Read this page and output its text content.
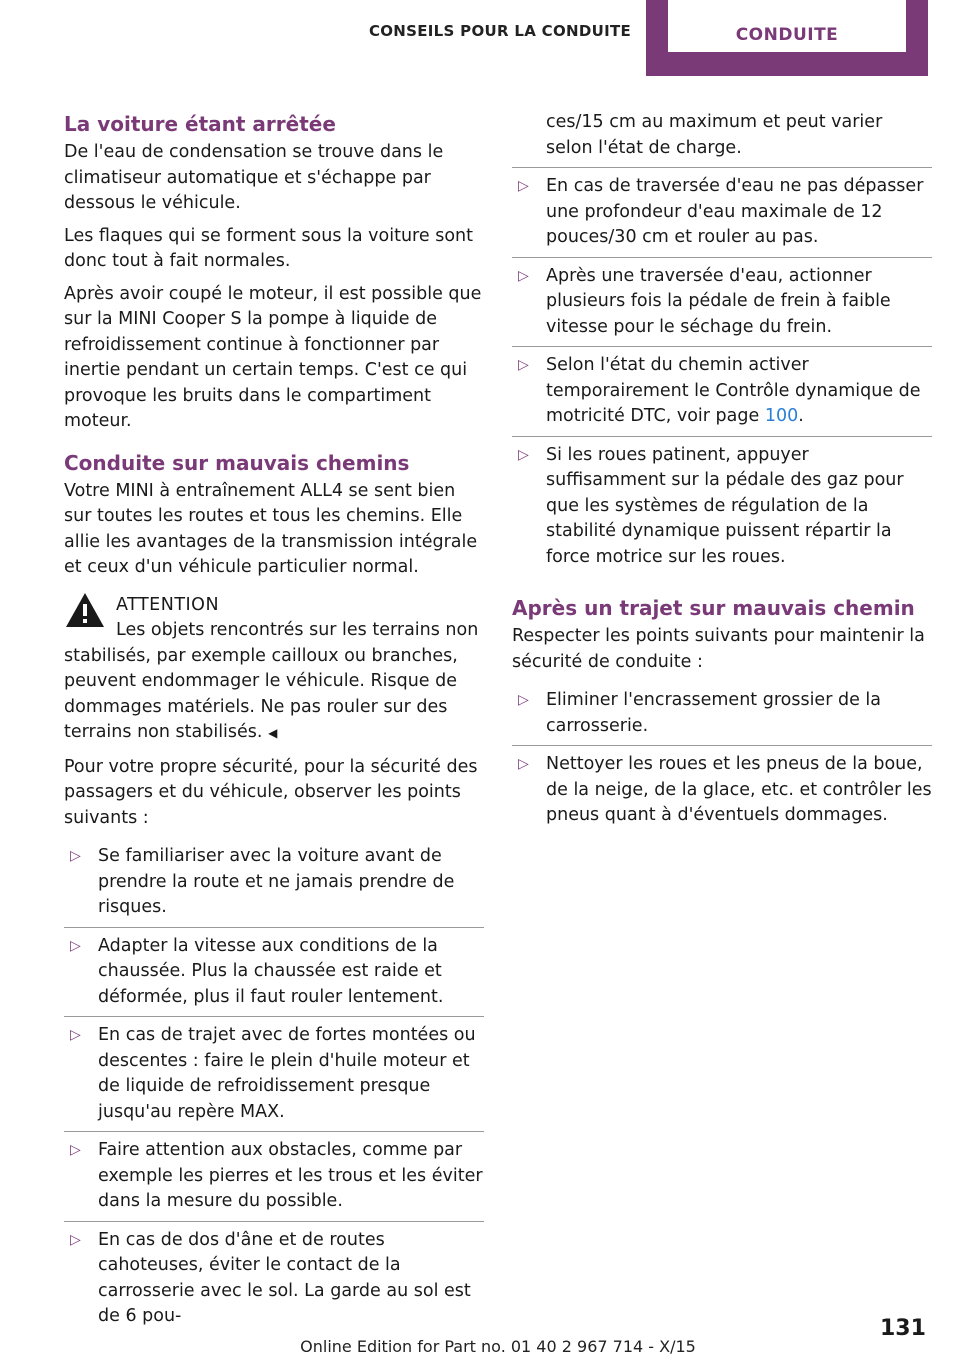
CONSEILS POUR LA CONDUITE	CONDUITE
La voiture étant arrêtée

De l'eau de condensation se trouve dans le climatiseur automatique et s'échappe par dessous le véhicule.

Les flaques qui se forment sous la voiture sont donc tout à fait normales.

Après avoir coupé le moteur, il est possible que sur la MINI Cooper S la pompe à liquide de refroidissement continue à fonctionner par inertie pendant un certain temps. C'est ce qui provoque les bruits dans le compartiment moteur.

Conduite sur mauvais chemins

Votre MINI à entraînement ALL4 se sent bien sur toutes les routes et tous les chemins. Elle allie les avantages de la transmission intégrale et ceux d'un véhicule particulier normal.

ATTENTION
Les objets rencontrés sur les terrains non stabilisés, par exemple cailloux ou branches, peuvent endommager le véhicule. Risque de dommages matériels. Ne pas rouler sur des terrains non stabilisés. ◀

Pour votre propre sécurité, pour la sécurité des passagers et du véhicule, observer les points suivants :

▷ Se familiariser avec la voiture avant de prendre la route et ne jamais prendre de risques.
▷ Adapter la vitesse aux conditions de la chaussée. Plus la chaussée est raide et déformée, plus il faut rouler lentement.
▷ En cas de trajet avec de fortes montées ou descentes : faire le plein d'huile moteur et de liquide de refroidissement presque jusqu'au repère MAX.
▷ Faire attention aux obstacles, comme par exemple les pierres et les trous et les éviter dans la mesure du possible.
▷ En cas de dos d'âne et de routes cahoteuses, éviter le contact de la carrosserie avec le sol. La garde au sol est de 6 pou-
ces/15 cm au maximum et peut varier selon l'état de charge.
▷ En cas de traversée d'eau ne pas dépasser une profondeur d'eau maximale de 12 pouces/30 cm et rouler au pas.
▷ Après une traversée d'eau, actionner plusieurs fois la pédale de frein à faible vitesse pour le séchage du frein.
▷ Selon l'état du chemin activer temporairement le Contrôle dynamique de motricité DTC, voir page 100.
▷ Si les roues patinent, appuyer suffisamment sur la pédale des gaz pour que les systèmes de régulation de la stabilité dynamique puissent répartir la force motrice sur les roues.
Après un trajet sur mauvais chemin

Respecter les points suivants pour maintenir la sécurité de conduite :

▷ Eliminer l'encrassement grossier de la carrosserie.
▷ Nettoyer les roues et les pneus de la boue, de la neige, de la glace, etc. et contrôler les pneus quant à d'éventuels dommages.
131
Online Edition for Part no. 01 40 2 967 714 - X/15
